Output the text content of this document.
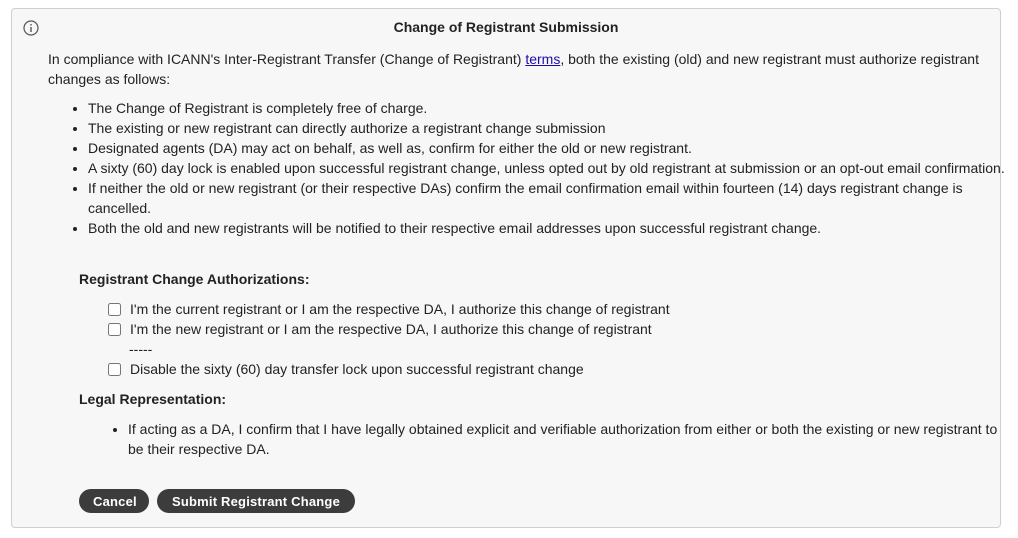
Change of Registrant Submission

In compliance with ICANN's Inter-Registrant Transfer (Change of Registrant) terms, both the existing (old) and new registrant must authorize registrant changes as follows:

• The Change of Registrant is completely free of charge.
• The existing or new registrant can directly authorize a registrant change submission
• Designated agents (DA) may act on behalf, as well as, confirm for either the old or new registrant.
• A sixty (60) day lock is enabled upon successful registrant change, unless opted out by old registrant at submission or an opt-out email confirmation.
• If neither the old or new registrant (or their respective DAs) confirm the email confirmation email within fourteen (14) days registrant change is cancelled.
• Both the old and new registrants will be notified to their respective email addresses upon successful registrant change.
Registrant Change Authorizations:
I'm the current registrant or I am the respective DA, I authorize this change of registrant
I'm the new registrant or I am the respective DA, I authorize this change of registrant
-----
Disable the sixty (60) day transfer lock upon successful registrant change
Legal Representation:
• If acting as a DA, I confirm that I have legally obtained explicit and verifiable authorization from either or both the existing or new registrant to be their respective DA.
Cancel	Submit Registrant Change
